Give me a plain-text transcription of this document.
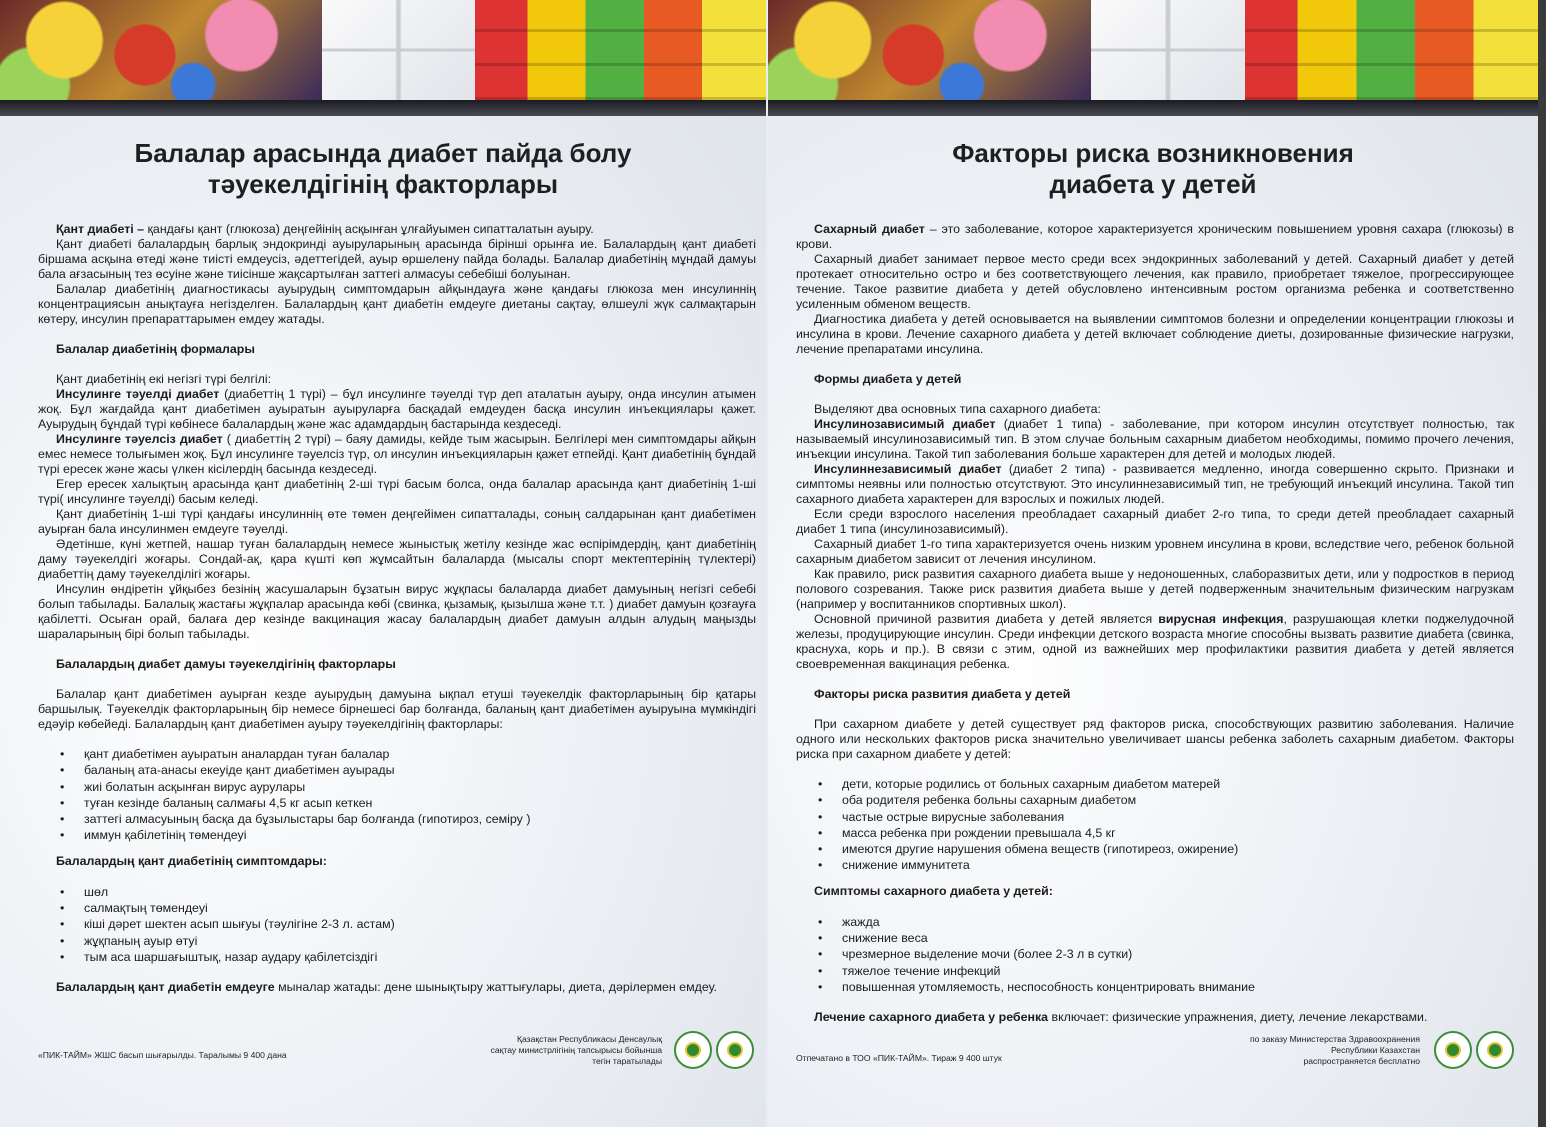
Балалар арасында диабет пайда болу
тәуекелдігінің факторлары

Қант диабеті – қандағы қант (глюкоза) деңгейінің асқынған ұлғайуымен сипатталатын ауыру.

Қант диабеті балалардың барлық эндокринді ауыруларының арасында бірінші орынға ие. Балалардың қант диабеті біршама асқына өтеді және тиісті емдеусіз, әдеттегідей, ауыр өршелену пайда болады. Балалар диабетінің мұндай дамуы бала ағзасының тез өсуіне және тиісінше жақсартылған заттегі алмасуы себебіші болуынан.

Балалар диабетінің диагностикасы ауырудың симптомдарын айқындауға және қандағы глюкоза мен инсулиннің концентрациясын анықтауға негізделген. Балалардың қант диабетін емдеуге диетаны сақтау, өлшеулі жүк салмақтарын көтеру, инсулин препараттарымен емдеу жатады.

Балалар диабетінің формалары

Қант диабетінің екі негізгі түрі белгілі:

Инсулинге тәуелді диабет (диабеттің 1 түрі) – бұл инсулинге тәуелді түр деп аталатын ауыру, онда инсулин атымен жоқ. Бұл жағдайда қант диабетімен ауыратын ауыруларға басқадай емдеуден басқа инсулин инъекциялары қажет. Ауырудың бұндай түрі көбінесе балалардың және жас адамдардың бастарында кездеседі.

Инсулинге тәуелсіз диабет ( диабеттің 2 түрі) – баяу дамиды, кейде тым жасырын. Белгілері мен симптомдары айқын емес немесе толығымен жоқ. Бұл инсулинге тәуелсіз түр, ол инсулин инъекцияларын қажет етпейді. Қант диабетінің бұндай түрі ересек және жасы үлкен кісілердің басында кездеседі.

Егер ересек халықтың арасында қант диабетінің 2-ші түрі басым болса, онда балалар арасында қант диабетінің 1-ші түрі( инсулинге тәуелді) басым келеді.

Қант диабетінің 1-ші түрі қандағы инсулиннің өте төмен деңгейімен сипатталады, соның салдарынан қант диабетімен ауырған бала инсулинмен емдеуге тәуелді.

Әдетінше, күні жетпей, нашар туған балалардың немесе жыныстық жетілу кезінде жас өспірімдердің, қант диабетінің даму тәуекелдігі жоғары. Сондай-ақ, қара күшті көп жұмсайтын балаларда (мысалы спорт мектептерінің түлектері) диабеттің даму тәуекелділігі жоғары.

Инсулин өндіретін ұйқыбез безінің жасушаларын бұзатын вирус жұқпасы балаларда диабет дамуының негізгі себебі болып табылады. Балалық жастағы жұқпалар арасында көбі (свинка, қызамық, қызылша және т.т. ) диабет дамуын қозғауға қабілетті. Осыған орай, балаға дер кезінде вакцинация жасау балалардың диабет дамуын алдын алудың маңызды шараларының бірі болып табылады.

Балалардың диабет дамуы тәуекелдігінің факторлары

Балалар қант диабетімен ауырған кезде ауырудың дамуына ықпал етуші тәуекелдік факторларының бір қатары баршылық. Тәуекелдік факторларының бір немесе бірнешесі бар болғанда, баланың қант диабетімен ауыруына мүмкіндігі едәуір көбейеді. Балалардың қант диабетімен ауыру тәуекелдігінің факторлары:

• қант диабетімен ауыратын аналардан туған балалар
• баланың ата-анасы екеуіде қант диабетімен ауырады
• жиі болатын асқынған вирус аурулары
• туған кезінде баланың салмағы 4,5 кг асып кеткен
• заттегі алмасуының басқа да бұзылыстары бар болғанда (гипотироз, семіру )
• иммун қабілетінің төмендеуі
Балалардың қант диабетінің симптомдары:
• шөл
• салмақтың төмендеуі
• кіші дәрет шектен асып шығуы (тәулігіне 2-3 л. астам)
• жұқпаның ауыр өтуі
• тым аса шаршағыштық, назар аудару қабілетсіздігі

Балалардың қант диабетін емдеуге мыналар жатады: дене шынықтыру жаттығулары, диета, дәрілермен емдеу.

«ПИК-ТАЙМ» ЖШС басып шығарылды. Таралымы 9 400 дана
Қазақстан Республикасы Денсаулық
сақтау министрлігінің тапсырысы бойынша
тегін таратылады
Факторы риска возникновения
диабета у детей

Сахарный диабет – это заболевание, которое характеризуется хроническим повышением уровня сахара (глюкозы) в крови.

Сахарный диабет занимает первое место среди всех эндокринных заболеваний у детей. Сахарный диабет у детей протекает относительно остро и без соответствующего лечения, как правило, приобретает тяжелое, прогрессирующее течение. Такое развитие диабета у детей обусловлено интенсивным ростом организма ребенка и соответственно усиленным обменом веществ.

Диагностика диабета у детей основывается на выявлении симптомов болезни и определении концентрации глюкозы и инсулина в крови. Лечение сахарного диабета у детей включает соблюдение диеты, дозированные физические нагрузки, лечение препаратами инсулина.

Формы диабета у детей

Выделяют два основных типа сахарного диабета:

Инсулинозависимый диабет (диабет 1 типа) - заболевание, при котором инсулин отсутствует полностью, так называемый инсулинозависимый тип. В этом случае больным сахарным диабетом необходимы, помимо прочего лечения, инъекции инсулина. Такой тип заболевания больше характерен для детей и молодых людей.

Инсулиннезависимый диабет (диабет 2 типа) - развивается медленно, иногда совершенно скрыто. Признаки и симптомы неявны или полностью отсутствуют. Это инсулиннезависимый тип, не требующий инъекций инсулина. Такой тип сахарного диабета характерен для взрослых и пожилых людей.

Если среди взрослого населения преобладает сахарный диабет 2-го типа, то среди детей преобладает сахарный диабет 1 типа (инсулинозависимый).

Сахарный диабет 1-го типа характеризуется очень низким уровнем инсулина в крови, вследствие чего, ребенок больной сахарным диабетом зависит от лечения инсулином.

Как правило, риск развития сахарного диабета выше у недоношенных, слаборазвитых дети, или у подростков в период полового созревания. Также риск развития диабета выше у детей подверженным значительным физическим нагрузкам (например у воспитанников спортивных школ).

Основной причиной развития диабета у детей является вирусная инфекция, разрушающая клетки поджелудочной железы, продуцирующие инсулин. Среди инфекции детского возраста многие способны вызвать развитие диабета (свинка, краснуха, корь и пр.). В связи с этим, одной из важнейших мер профилактики развития диабета у детей является своевременная вакцинация ребенка.

Факторы риска развития диабета у детей

При сахарном диабете у детей существует ряд факторов риска, способствующих развитию заболевания. Наличие одного или нескольких факторов риска значительно увеличивает шансы ребенка заболеть сахарным диабетом. Факторы риска при сахарном диабете у детей:

• дети, которые родились от больных сахарным диабетом матерей
• оба родителя ребенка больны сахарным диабетом
• частые острые вирусные заболевания
• масса ребенка при рождении превышала 4,5 кг
• имеются другие нарушения обмена веществ (гипотиреоз, ожирение)
• снижение иммунитета
Симптомы сахарного диабета у детей:
• жажда
• снижение веса
• чрезмерное выделение мочи (более 2-3 л в сутки)
• тяжелое течение инфекций
• повышенная утомляемость, неспособность концентрировать внимание

Лечение сахарного диабета у ребенка включает: физические упражнения, диету, лечение лекарствами.

Отпечатано в ТОО «ПИК-ТАЙМ». Тираж 9 400 штук
по заказу Министерства Здравоохранения
Республики Казахстан
распространяется бесплатно
